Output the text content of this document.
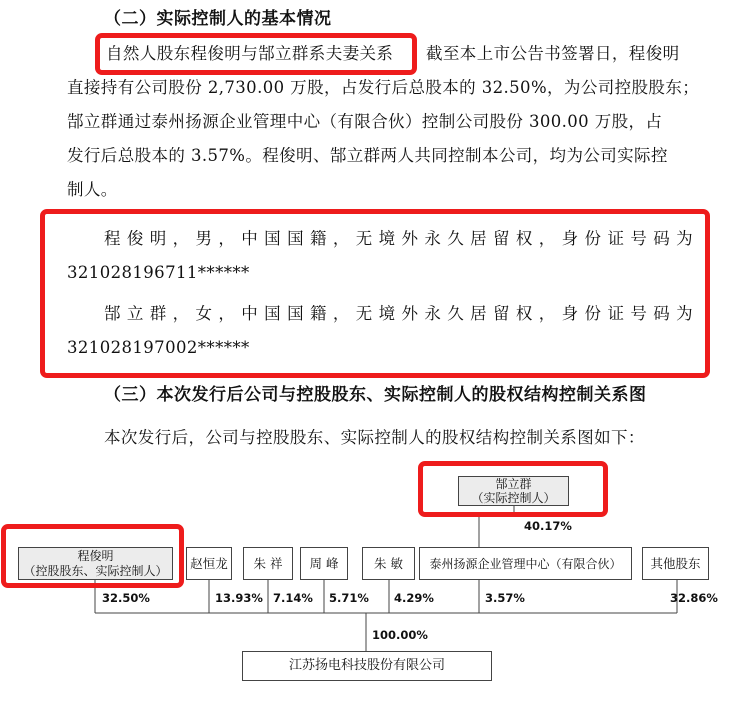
（二）实际控制人的基本情况
自然人股东程俊明与郜立群系夫妻关系 截至本上市公告书签署日，程俊明
直接持有公司股份 2,730.00 万股，占发行后总股本的 32.50%，为公司控股股东；
郜立群通过泰州扬源企业管理中心（有限合伙）控制公司股份 300.00 万股，占
发行后总股本的 3.57%。程俊明、郜立群两人共同控制本公司，均为公司实际控
制人。
程俊明，男，中国国籍，无境外永久居留权，身份证号码为
321028196711******
郜立群，女，中国国籍，无境外永久居留权，身份证号码为
321028197002******
（三）本次发行后公司与控股股东、实际控制人的股权结构控制关系图
本次发行后，公司与控股股东、实际控制人的股权结构控制关系图如下：
郜立群
（实际控制人）
40.17%
程俊明
（控股股东、实际控制人） 赵恒龙 朱 祥 周 峰	朱 敏 泰州扬源企业管理中心（有限合伙） 其他股东
32.50%	13.93% 7.14% 5.71% 4.29%	3.57%	32.86%
100.00%
江苏扬电科技股份有限公司
